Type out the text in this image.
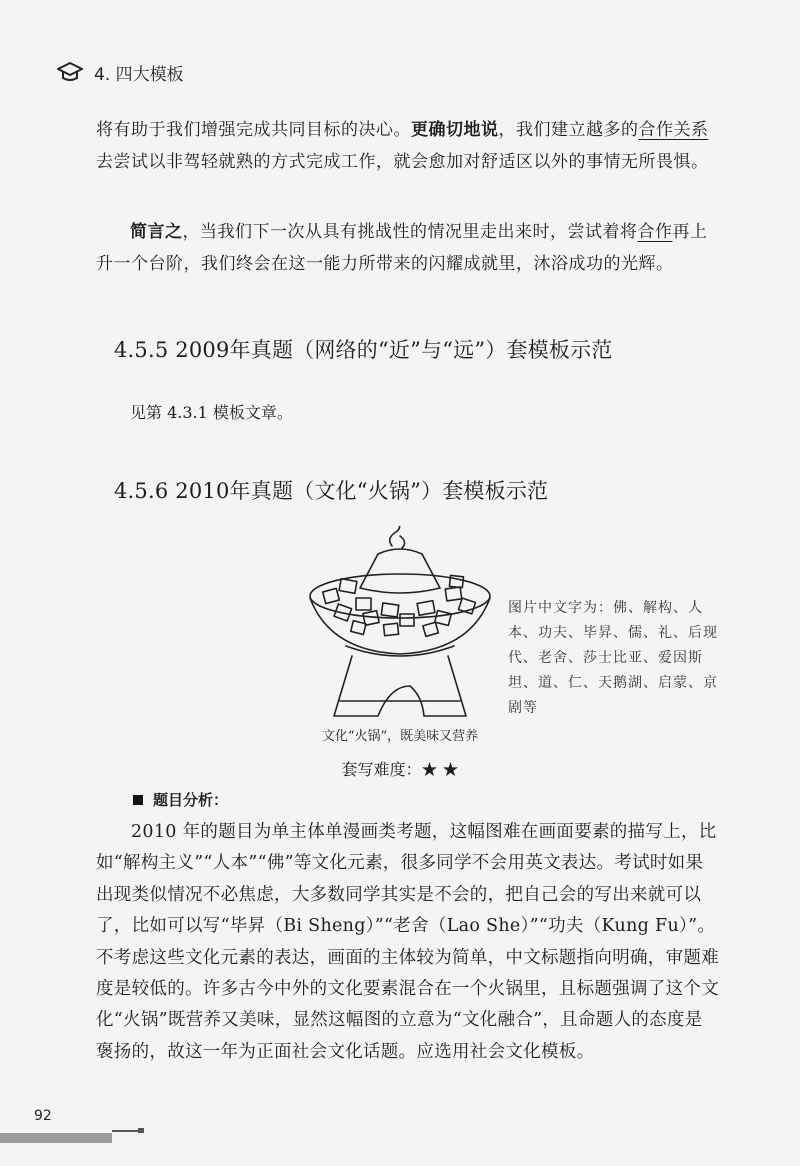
4. 四大模板
将有助于我们增强完成共同目标的决心。更确切地说，我们建立越多的合作关系去尝试以非驾轻就熟的方式完成工作，就会愈加对舒适区以外的事情无所畏惧。
简言之，当我们下一次从具有挑战性的情况里走出来时，尝试着将合作再上升一个台阶，我们终会在这一能力所带来的闪耀成就里，沐浴成功的光辉。
4.5.5 2009年真题（网络的“近”与“远”）套模板示范
见第 4.3.1 模板文章。
4.5.6 2010年真题（文化“火锅”）套模板示范
图片中文字为：佛、解构、人本、功夫、毕昇、儒、礼、后现代、老舍、莎士比亚、爱因斯坦、道、仁、天鹅湖、启蒙、京剧等
文化“火锅”，既美味又营养
套写难度：★ ★
题目分析：
2010 年的题目为单主体单漫画类考题，这幅图难在画面要素的描写上，比如“解构主义”“人本”“佛”等文化元素，很多同学不会用英文表达。考试时如果出现类似情况不必焦虑，大多数同学其实是不会的，把自己会的写出来就可以了，比如可以写“毕昇（Bi Sheng）”“老舍（Lao She）”“功夫（Kung Fu）”。不考虑这些文化元素的表达，画面的主体较为简单，中文标题指向明确，审题难度是较低的。许多古今中外的文化要素混合在一个火锅里，且标题强调了这个文化“火锅”既营养又美味，显然这幅图的立意为“文化融合”，且命题人的态度是褒扬的，故这一年为正面社会文化话题。应选用社会文化模板。
92
